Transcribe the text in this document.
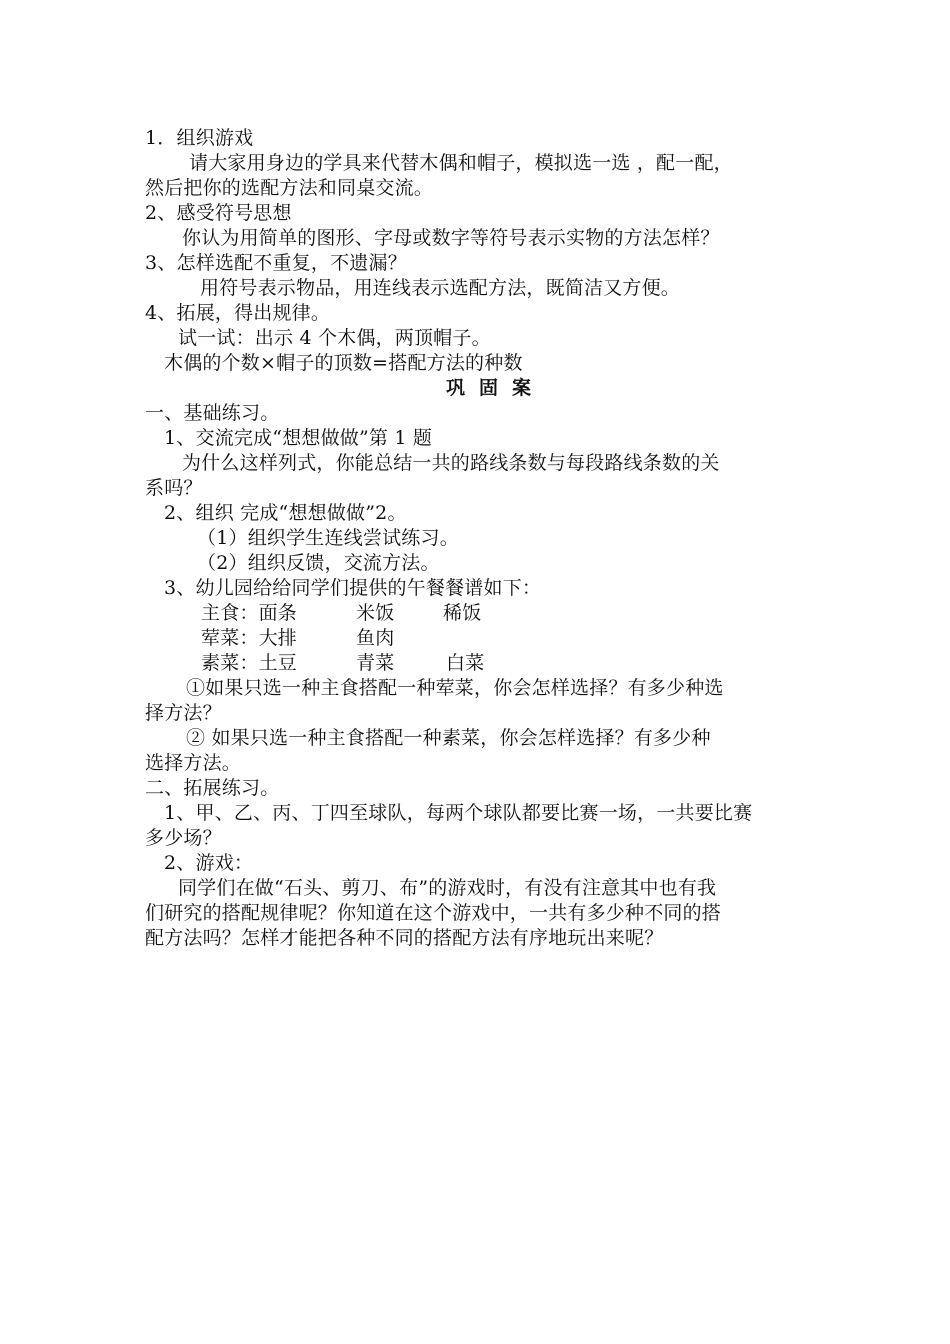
1．组织游戏
请大家用身边的学具来代替木偶和帽子，模拟选一选 ，配一配，
然后把你的选配方法和同桌交流。
2、感受符号思想
你认为用简单的图形、字母或数字等符号表示实物的方法怎样？
3、怎样选配不重复，不遗漏？
用符号表示物品，用连线表示选配方法，既简洁又方便。
4、拓展，得出规律。
试一试：出示 4 个木偶，两顶帽子。
木偶的个数×帽子的顶数=搭配方法的种数
巩固案
一、基础练习。
1、交流完成“想想做做”第 1 题
为什么这样列式，你能总结一共的路线条数与每段路线条数的关
系吗？
2、组织 完成“想想做做”2。
（1）组织学生连线尝试练习。
（2）组织反馈，交流方法。
3、幼儿园给给同学们提供的午餐餐谱如下：
主食：面条	米饭	稀饭
荤菜：大排	鱼肉
素菜：土豆	青菜	白菜
①如果只选一种主食搭配一种荤菜，你会怎样选择？有多少种选
择方法？
② 如果只选一种主食搭配一种素菜，你会怎样选择？有多少种
选择方法。
二、拓展练习。
1、甲、乙、丙、丁四至球队，每两个球队都要比赛一场，一共要比赛
多少场？
2、游戏：
同学们在做“石头、剪刀、布”的游戏时，有没有注意其中也有我
们研究的搭配规律呢？你知道在这个游戏中，一共有多少种不同的搭
配方法吗？怎样才能把各种不同的搭配方法有序地玩出来呢？
